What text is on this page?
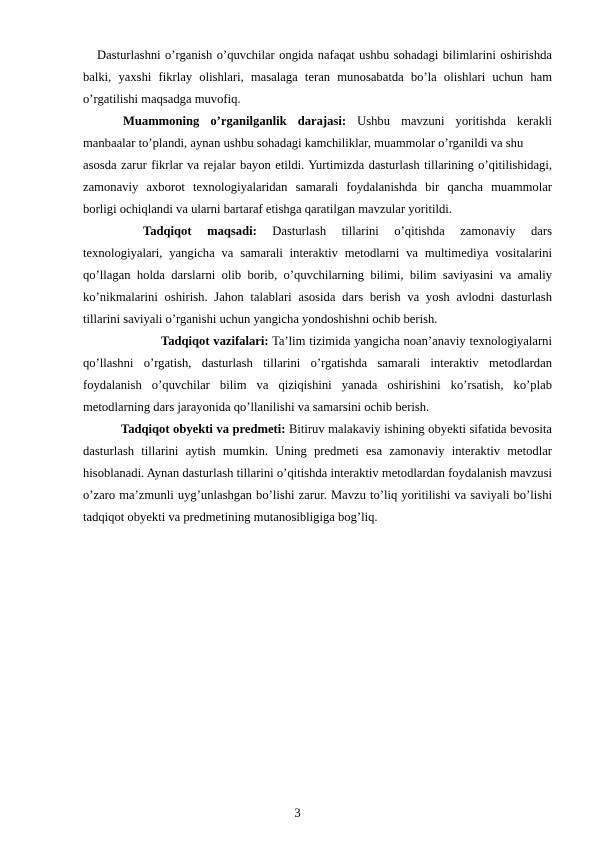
Dasturlashni o’rganish o’quvchilar ongida nafaqat ushbu sohadagi bilimlarini oshirishda balki, yaxshi fikrlay olishlari, masalaga teran munosabatda bo’la olishlari uchun ham o’rgatilishi maqsadga muvofiq.

Muammoning o’rganilganlik darajasi: Ushbu mavzuni yoritishda kerakli manbaalar to’plandi, aynan ushbu sohadagi kamchiliklar, muammolar o’rganildi va shu

asosda zarur fikrlar va rejalar bayon etildi. Yurtimizda dasturlash tillarining o’qitilishidagi, zamonaviy axborot texnologiyalaridan samarali foydalanishda bir qancha muammolar borligi ochiqlandi va ularni bartaraf etishga qaratilgan mavzular yoritildi.

Tadqiqot maqsadi: Dasturlash tillarini o’qitishda zamonaviy dars texnologiyalari, yangicha va samarali interaktiv metodlarni va multimediya vositalarini qo’llagan holda darslarni olib borib, o’quvchilarning bilimi, bilim saviyasini va amaliy ko’nikmalarini oshirish. Jahon talablari asosida dars berish va yosh avlodni dasturlash tillarini saviyali o’rganishi uchun yangicha yondoshishni ochib berish.

Tadqiqot vazifalari: Ta’lim tizimida yangicha noan’anaviy texnologiyalarni qo’llashni o’rgatish, dasturlash tillarini o’rgatishda samarali interaktiv metodlardan foydalanish o’quvchilar bilim va qiziqishini yanada oshirishini ko’rsatish, ko’plab metodlarning dars jarayonida qo’llanilishi va samarsini ochib berish.

Tadqiqot obyekti va predmeti: Bitiruv malakaviy ishining obyekti sifatida bevosita dasturlash tillarini aytish mumkin. Uning predmeti esa zamonaviy interaktiv metodlar hisoblanadi. Aynan dasturlash tillarini o’qitishda interaktiv metodlardan foydalanish mavzusi o’zaro ma’zmunli uyg’unlashgan bo’lishi zarur. Mavzu to’liq yoritilishi va saviyali bo’lishi tadqiqot obyekti va predmetining mutanosibligiga bog’liq.

3
